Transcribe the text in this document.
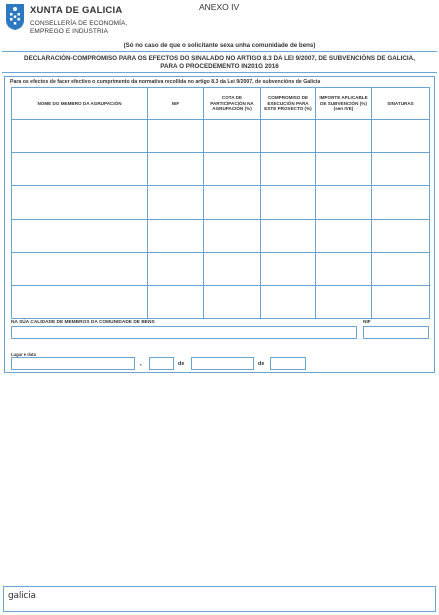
XUNTA DE GALICIA
CONSELLERÍA DE ECONOMÍA,
EMPREGO E INDUSTRIA
ANEXO IV
(Só no caso de que o solicitante sexa unha comunidade de bens)
DECLARACIÓN-COMPROMISO PARA OS EFECTOS DO SINALADO NO ARTIGO 8.3 DA LEI 9/2007, DE SUBVENCIÓNS DE GALICIA,
PARA O PROCEDEMENTO IN201G 2016
Para os efectos de facer efectivo o cumprimento da normativa recollida no artigo 8.3 da Lei 9/2007, de subvencións de Galicia
NOME DO MEMBRO DA AGRUPACIÓN	NIF	COTA DE PARTICIPACIÓN NA AGRUPACIÓN (%)	COMPROMISO DE EXECUCIÓN PARA ESTE PROXECTO (%)	IMPORTE APLICABLE DE SUBVENCIÓN (%) (sen IVE)	SINATURAS

NA SÚA CALIDADE DE MEMBROS DA COMUNIDADE DE BENS	NIF
Lugar e data
,	de	de
galicia
